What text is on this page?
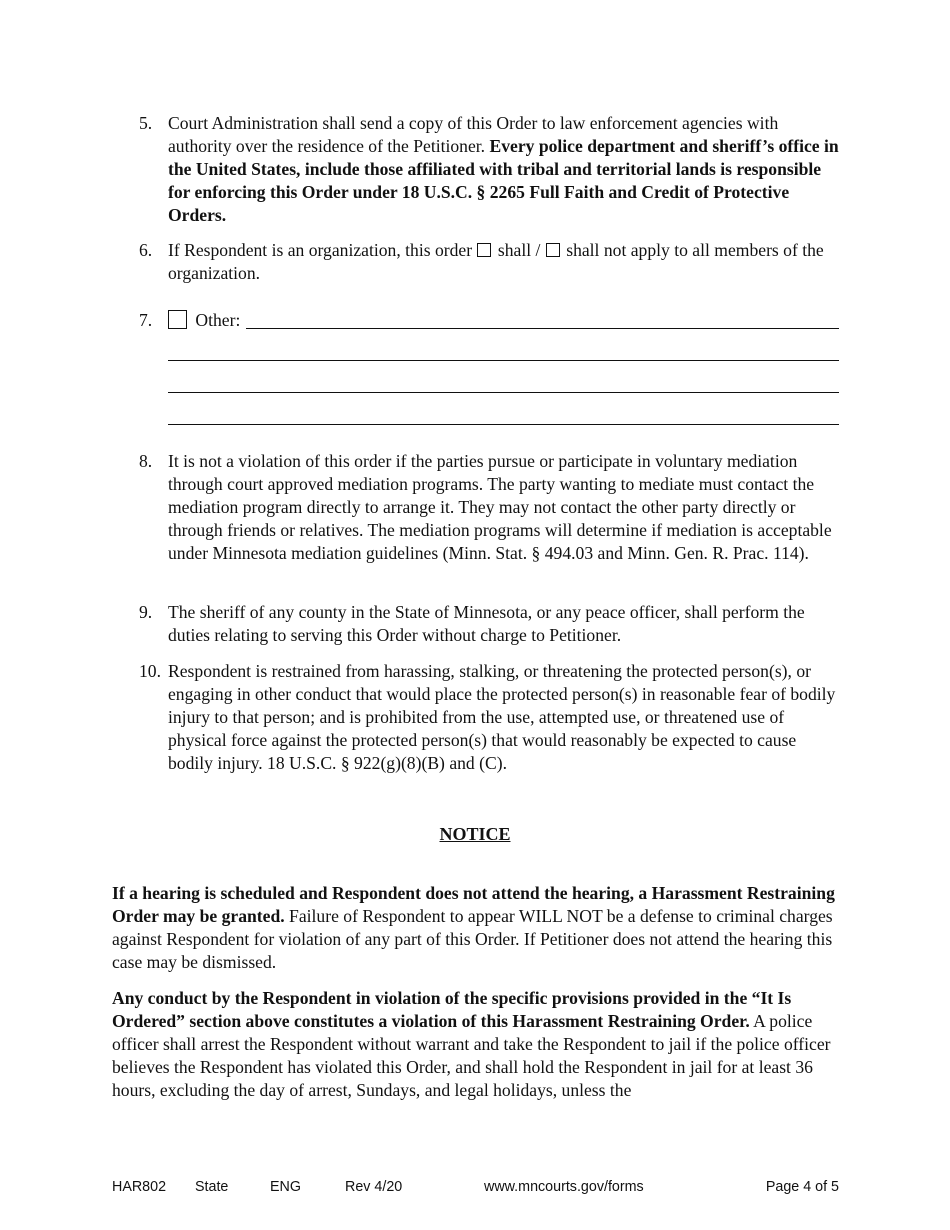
5. Court Administration shall send a copy of this Order to law enforcement agencies with authority over the residence of the Petitioner. Every police department and sheriff’s office in the United States, include those affiliated with tribal and territorial lands is responsible for enforcing this Order under 18 U.S.C. § 2265 Full Faith and Credit of Protective Orders.
6. If Respondent is an organization, this order shall / shall not apply to all members of the organization.
7.	Other:
8. It is not a violation of this order if the parties pursue or participate in voluntary mediation through court approved mediation programs. The party wanting to mediate must contact the mediation program directly to arrange it. They may not contact the other party directly or through friends or relatives. The mediation programs will determine if mediation is acceptable under Minnesota mediation guidelines (Minn. Stat. § 494.03 and Minn. Gen. R. Prac. 114).
9. The sheriff of any county in the State of Minnesota, or any peace officer, shall perform the duties relating to serving this Order without charge to Petitioner.
10. Respondent is restrained from harassing, stalking, or threatening the protected person(s), or engaging in other conduct that would place the protected person(s) in reasonable fear of bodily injury to that person; and is prohibited from the use, attempted use, or threatened use of physical force against the protected person(s) that would reasonably be expected to cause bodily injury. 18 U.S.C. § 922(g)(8)(B) and (C).
NOTICE
If a hearing is scheduled and Respondent does not attend the hearing, a Harassment Restraining Order may be granted. Failure of Respondent to appear WILL NOT be a defense to criminal charges against Respondent for violation of any part of this Order. If Petitioner does not attend the hearing this case may be dismissed.
Any conduct by the Respondent in violation of the specific provisions provided in the “It Is Ordered” section above constitutes a violation of this Harassment Restraining Order. A police officer shall arrest the Respondent without warrant and take the Respondent to jail if the police officer believes the Respondent has violated this Order, and shall hold the Respondent in jail for at least 36 hours, excluding the day of arrest, Sundays, and legal holidays, unless the
HAR802 State	ENG	Rev 4/20	www.mncourts.gov/forms	Page 4 of 5
